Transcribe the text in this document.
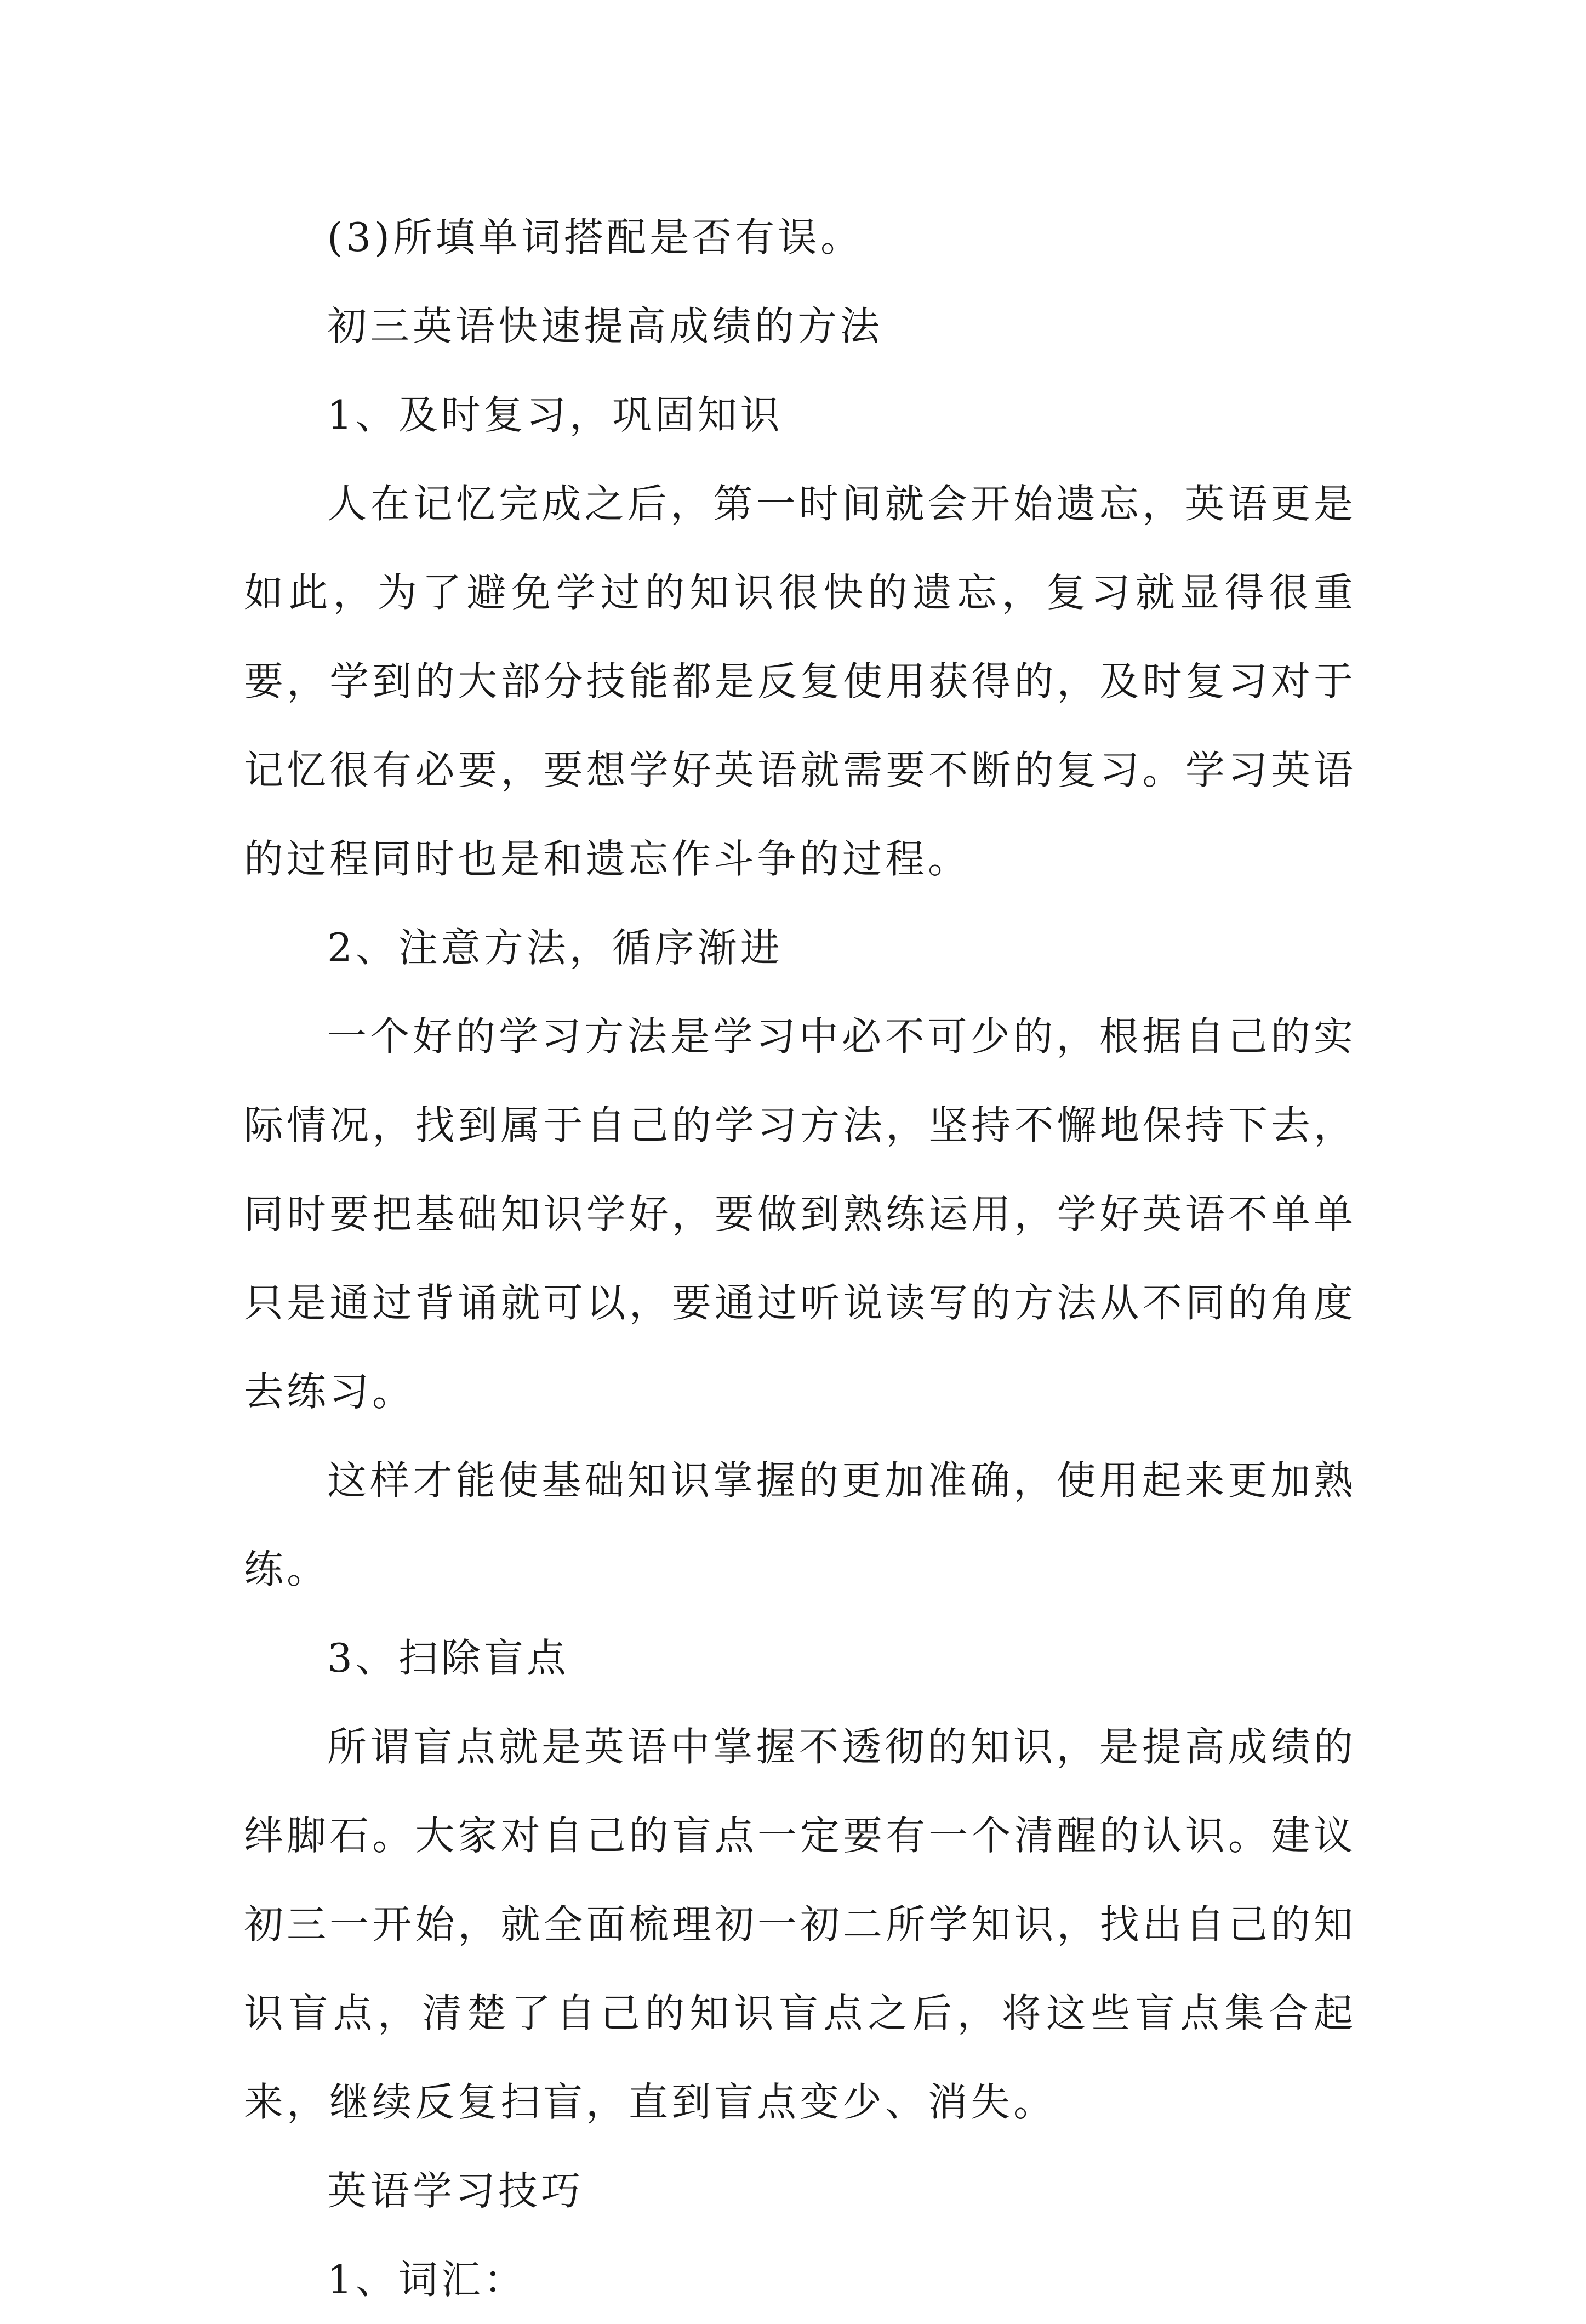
(3)所填单词搭配是否有误。

初三英语快速提高成绩的方法

1、及时复习，巩固知识

人在记忆完成之后，第一时间就会开始遗忘，英语更是如此，为了避免学过的知识很快的遗忘，复习就显得很重要，学到的大部分技能都是反复使用获得的，及时复习对于记忆很有必要，要想学好英语就需要不断的复习。学习英语的过程同时也是和遗忘作斗争的过程。

2、注意方法，循序渐进

一个好的学习方法是学习中必不可少的，根据自己的实际情况，找到属于自己的学习方法，坚持不懈地保持下去，同时要把基础知识学好，要做到熟练运用，学好英语不单单只是通过背诵就可以，要通过听说读写的方法从不同的角度去练习。

这样才能使基础知识掌握的更加准确，使用起来更加熟练。

3、扫除盲点

所谓盲点就是英语中掌握不透彻的知识，是提高成绩的绊脚石。大家对自己的盲点一定要有一个清醒的认识。建议初三一开始，就全面梳理初一初二所学知识，找出自己的知识盲点，清楚了自己的知识盲点之后，将这些盲点集合起来，继续反复扫盲，直到盲点变少、消失。

英语学习技巧

1、词汇：
